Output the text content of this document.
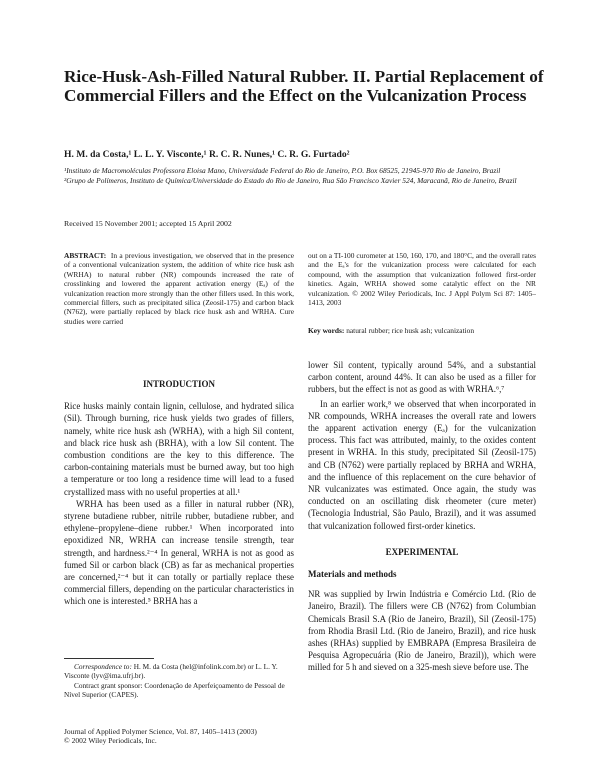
Rice-Husk-Ash-Filled Natural Rubber. II. Partial Replacement of Commercial Fillers and the Effect on the Vulcanization Process
H. M. da Costa,¹ L. L. Y. Visconte,¹ R. C. R. Nunes,¹ C. R. G. Furtado²
¹Instituto de Macromoléculas Professora Eloisa Mano, Universidade Federal do Rio de Janeiro, P.O. Box 68525, 21945-970 Rio de Janeiro, Brazil
²Grupo de Polímeros, Instituto de Química/Universidade do Estado do Rio de Janeiro, Rua São Francisco Xavier 524, Maracanã, Rio de Janeiro, Brazil
Received 15 November 2001; accepted 15 April 2002
ABSTRACT: In a previous investigation, we observed that in the presence of a conventional vulcanization system, the addition of white rice husk ash (WRHA) to natural rubber (NR) compounds increased the rate of crosslinking and lowered the apparent activation energy (Eₐ) of the vulcanization reaction more strongly than the other fillers used. In this work, commercial fillers, such as precipitated silica (Zeosil-175) and carbon black (N762), were partially replaced by black rice husk ash and WRHA. Cure studies were carried
out on a TI-100 curometer at 150, 160, 170, and 180°C, and the overall rates and the Eₐ's for the vulcanization process were calculated for each compound, with the assumption that vulcanization followed first-order kinetics. Again, WRHA showed some catalytic effect on the NR vulcanization. © 2002 Wiley Periodicals, Inc. J Appl Polym Sci 87: 1405–1413, 2003
Key words: natural rubber; rice husk ash; vulcanization
INTRODUCTION

Rice husks mainly contain lignin, cellulose, and hydrated silica (Sil). Through burning, rice husk yields two grades of fillers, namely, white rice husk ash (WRHA), with a high Sil content, and black rice husk ash (BRHA), with a low Sil content. The combustion conditions are the key to this difference. The carbon-containing materials must be burned away, but too high a temperature or too long a residence time will lead to a fused crystallized mass with no useful properties at all.¹

WRHA has been used as a filler in natural rubber (NR), styrene butadiene rubber, nitrile rubber, butadiene rubber, and ethylene–propylene–diene rubber.¹ When incorporated into epoxidized NR, WRHA can increase tensile strength, tear strength, and hardness.²⁻⁴ In general, WRHA is not as good as fumed Sil or carbon black (CB) as far as mechanical properties are concerned,²⁻⁴ but it can totally or partially replace these commercial fillers, depending on the particular characteristics in which one is interested.⁵ BRHA has a

lower Sil content, typically around 54%, and a substantial carbon content, around 44%. It can also be used as a filler for rubbers, but the effect is not as good as with WRHA.⁶,⁷

In an earlier work,⁸ we observed that when incorporated in NR compounds, WRHA increases the overall rate and lowers the apparent activation energy (Eₐ) for the vulcanization process. This fact was attributed, mainly, to the oxides content present in WRHA. In this study, precipitated Sil (Zeosil-175) and CB (N762) were partially replaced by BRHA and WRHA, and the influence of this replacement on the cure behavior of NR vulcanizates was estimated. Once again, the study was conducted on an oscillating disk rheometer (cure meter) (Tecnologia Industrial, São Paulo, Brazil), and it was assumed that vulcanization followed first-order kinetics.

EXPERIMENTAL
Materials and methods

NR was supplied by Irwin Indústria e Comércio Ltd. (Rio de Janeiro, Brazil). The fillers were CB (N762) from Columbian Chemicals Brasil S.A (Rio de Janeiro, Brazil), Sil (Zeosil-175) from Rhodia Brasil Ltd. (Rio de Janeiro, Brazil), and rice husk ashes (RHAs) supplied by EMBRAPA (Empresa Brasileira de Pesquisa Agropecuária (Rio de Janeiro, Brazil)), which were milled for 5 h and sieved on a 325-mesh sieve before use. The

Correspondence to: H. M. da Costa (hel@infolink.com.br) or L. L. Y. Visconte (lyv@ima.ufrj.br).

Contract grant sponsor: Coordenação de Aperfeiçoamento de Pessoal de Nível Superior (CAPES).

Journal of Applied Polymer Science, Vol. 87, 1405–1413 (2003)

© 2002 Wiley Periodicals, Inc.
